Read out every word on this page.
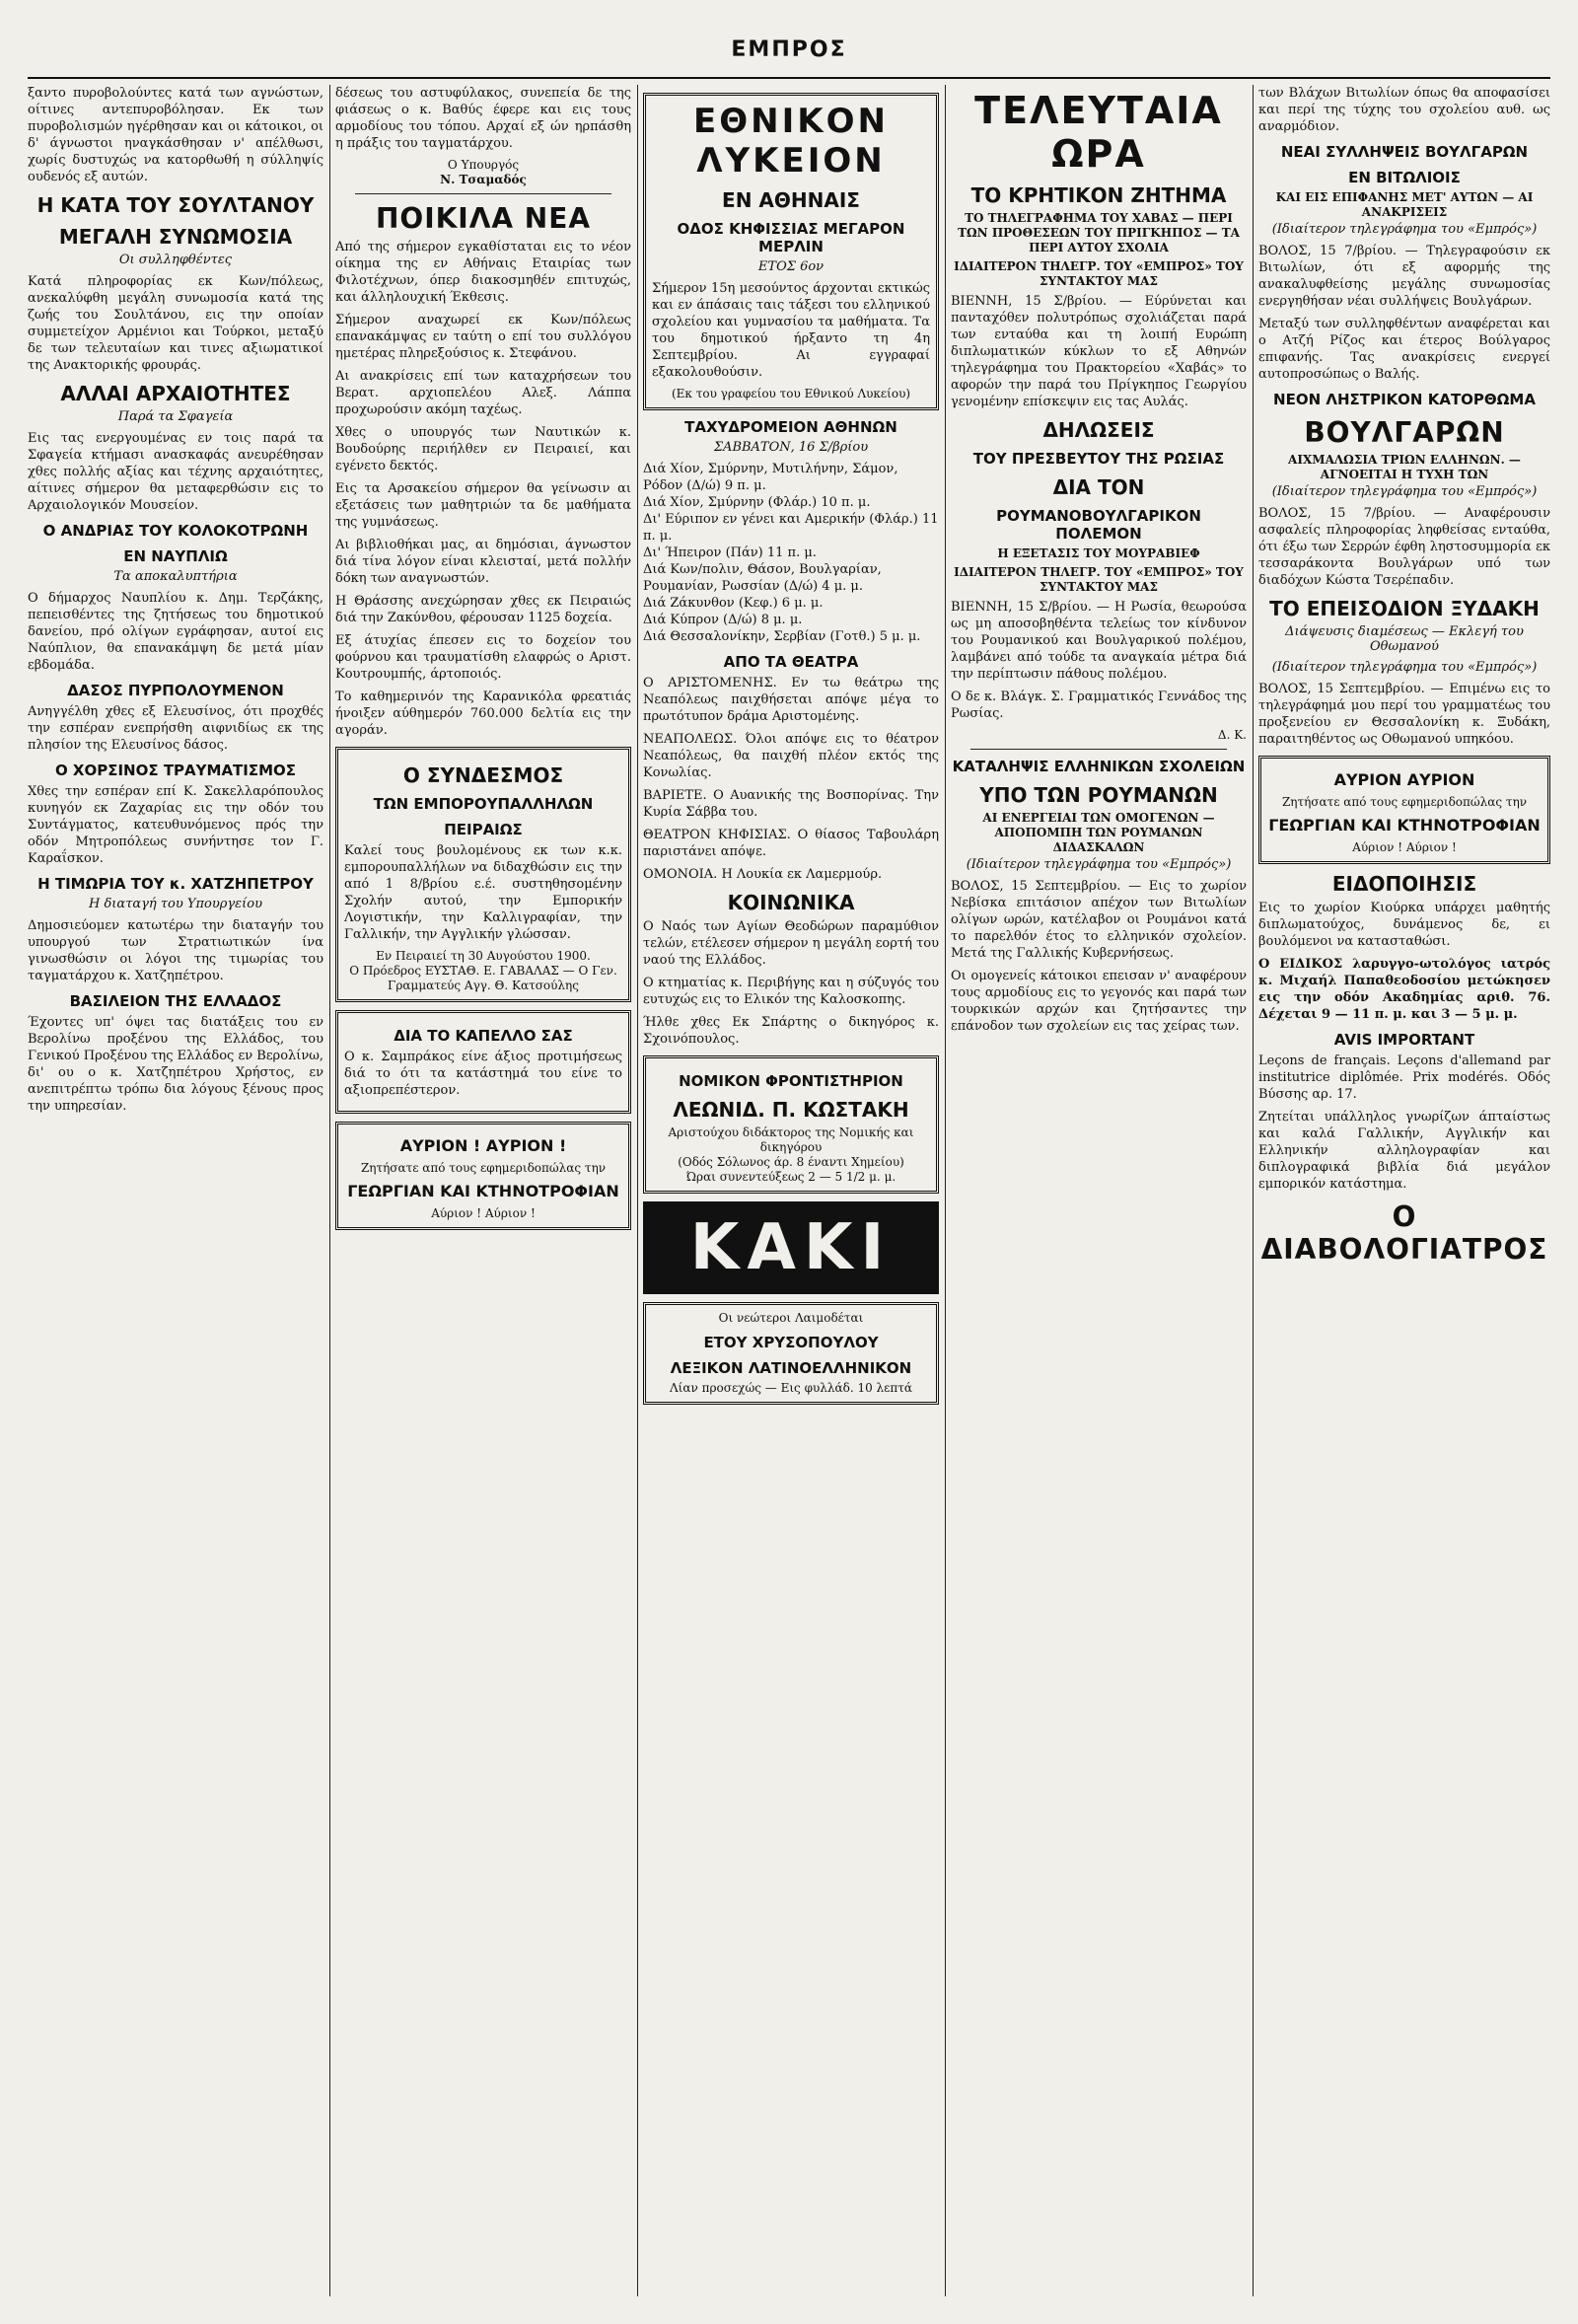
ΕΜΠΡΟΣ

ξαντο πυροβολούντες κατά των αγνώστων, οίτινες αντεπυροβόλησαν. Εκ των πυροβολισμών ηγέρθησαν και οι κάτοικοι, οι δ' άγνωστοι ηναγκάσθησαν ν' απέλθωσι, χωρίς δυστυχώς να κατορθωθή η σύλληψίς ουδενός εξ αυτών.

Η ΚΑΤΑ ΤΟΥ ΣΟΥΛΤΑΝΟΥ
ΜΕΓΑΛΗ ΣΥΝΩΜΟΣΙΑ
Οι συλληφθέντες

Κατά πληροφορίας εκ Κων/πόλεως, ανεκαλύφθη μεγάλη συνωμοσία κατά της ζωής του Σουλτάνου, εις την οποίαν συμμετείχον Αρμένιοι και Τούρκοι, μεταξύ δε των τελευταίων και τινες αξιωματικοί της Ανακτορικής φρουράς.

ΑΛΛΑΙ ΑΡΧΑΙΟΤΗΤΕΣ
Παρά τα Σφαγεία

Εις τας ενεργουμένας εν τοις παρά τα Σφαγεία κτήμασι ανασκαφάς ανευρέθησαν χθες πολλής αξίας και τέχνης αρχαιότητες, αίτινες σήμερον θα μεταφερθώσιν εις το Αρχαιολογικόν Μουσείον.

Ο ΑΝΔΡΙΑΣ ΤΟΥ ΚΟΛΟΚΟΤΡΩΝΗ
ΕΝ ΝΑΥΠΛΙΩ
Τα αποκαλυπτήρια

Ο δήμαρχος Ναυπλίου κ. Δημ. Τερζάκης, πεπεισθέντες της ζητήσεως του δημοτικού δανείου, πρό ολίγων εγράφησαν, αυτοί εις Ναύπλιον, θα επανακάμψη δε μετά μίαν εβδομάδα.

ΔΑΣΟΣ ΠΥΡΠΟΛΟΥΜΕΝΟΝ

Ανηγγέλθη χθες εξ Ελευσίνος, ότι προχθές την εσπέραν ενεπρήσθη αιφνιδίως εκ της πλησίον της Ελευσίνος δάσος.

Ο ΧΟΡΣΙΝΟΣ ΤΡΑΥΜΑΤΙΣΜΟΣ

Χθες την εσπέραν επί Κ. Σακελλαρόπουλος κυνηγόν εκ Ζαχαρίας εις την οδόν του Συντάγματος, κατευθυνόμενος πρός την οδόν Μητροπόλεως συνήντησε τον Γ. Καραΐσκον.

Η ΤΙΜΩΡΙΑ ΤΟΥ κ. ΧΑΤΖΗΠΕΤΡΟΥ
Η διαταγή του Υπουργείου

Δημοσιεύομεν κατωτέρω την διαταγήν του υπουργού των Στρατιωτικών ίνα γινωσθώσιν οι λόγοι της τιμωρίας του ταγματάρχου κ. Χατζηπέτρου.

ΒΑΣΙΛΕΙΟΝ ΤΗΣ ΕΛΛΑΔΟΣ

Έχοντες υπ' όψει τας διατάξεις του εν Βερολίνω προξένου της Ελλάδος, του Γενικού Προξένου της Ελλάδος εν Βερολίνω, δι' ου ο κ. Χατζηπέτρου Χρήστος, εν ανεπιτρέπτω τρόπω δια λόγους ξένους προς την υπηρεσίαν.

δέσεως του αστυφύλακος, συνεπεία δε της φιάσεως ο κ. Βαθύς έφερε και εις τους αρμοδίους του τόπου. Αρχαί εξ ών ηρπάσθη η πράξις του ταγματάρχου.

Ο Υπουργός
Ν. Τσαμαδός
ΠΟΙΚΙΛΑ ΝΕΑ

Από της σήμερον εγκαθίσταται εις το νέον οίκημα της εν Αθήναις Εταιρίας των Φιλοτέχνων, όπερ διακοσμηθέν επιτυχώς, και άλληλουχική Έκθεσις.

Σήμερον αναχωρεί εκ Κων/πόλεως επανακάμψας εν ταύτη ο επί του συλλόγου ημετέρας πληρεξούσιος κ. Στεφάνου.

Αι ανακρίσεις επί των καταχρήσεων του Βερατ. αρχιοπελέου Αλεξ. Λάππα προχωρούσιν ακόμη ταχέως.

Χθες ο υπουργός των Ναυτικών κ. Βουδούρης περιήλθεν εν Πειραιεί, και εγένετο δεκτός.

Εις τα Αρσακείου σήμερον θα γείνωσιν αι εξετάσεις των μαθητριών τα δε μαθήματα της γυμνάσεως.

Αι βιβλιοθήκαι μας, αι δημόσιαι, άγνωστον διά τίνα λόγον είναι κλεισταί, μετά πολλήν δόκη των αναγνωστών.

Η Θράσσης ανεχώρησαν χθες εκ Πειραιώς διά την Ζακύνθου, φέρουσαν 1125 δοχεία.

Εξ άτυχίας έπεσεν εις το δοχείον του φούρνου και τραυματίσθη ελαφρώς ο Αριστ. Κουτρουμπής, άρτοποιός.

Το καθημερινόν της Καρανικόλα φρεατιάς ήνοιξεν αύθημερόν 760.000 δελτία εις την αγοράν.

Ο ΣΥΝΔΕΣΜΟΣ
ΤΩΝ ΕΜΠΟΡΟΥΠΑΛΛΗΛΩΝ
ΠΕΙΡΑΙΩΣ

Καλεί τους βουλομένους εκ των κ.κ. εμπορουπαλλήλων να διδαχθώσιν εις την από 1 8/βρίου ε.έ. συστηθησομένην Σχολήν αυτού, την Εμπορικήν Λογιστικήν, την Καλλιγραφίαν, την Γαλλικήν, την Αγγλικήν γλώσσαν.

Εν Πειραιεί τη 30 Αυγούστου 1900.
Ο Πρόεδρος ΕΥΣΤΑΘ. Ε. ΓΑΒΑΛΑΣ — Ο Γεν. Γραμματεύς Αγγ. Θ. Κατσούλης
ΔΙΑ ΤΟ ΚΑΠΕΛΛΟ ΣΑΣ

Ο κ. Σαμπράκος είνε άξιος προτιμήσεως διά το ότι τα κατάστημά του είνε το αξιοπρεπέστερον.

ΑΥΡΙΟΝ ! ΑΥΡΙΟΝ !
Ζητήσατε από τους εφημεριδοπώλας την
ΓΕΩΡΓΙΑΝ ΚΑΙ ΚΤΗΝΟΤΡΟΦΙΑΝ
Αύριον ! Αύριον !
ΕΘΝΙΚΟΝ ΛΥΚΕΙΟΝ
ΕΝ ΑΘΗΝΑΙΣ
ΟΔΟΣ ΚΗΦΙΣΣΙΑΣ ΜΕΓΑΡΟΝ ΜΕΡΛΙΝ
ΕΤΟΣ 6ον

Σήμερον 15η μεσούντος άρχονται εκτικώς και εν άπάσαις ταις τάξεσι του ελληνικού σχολείου και γυμνασίου τα μαθήματα. Τα του δημοτικού ήρξαντο τη 4η Σεπτεμβρίου. Αι εγγραφαί εξακολουθούσιν.

(Εκ του γραφείου του Εθνικού Λυκείου)
ΤΑΧΥΔΡΟΜΕΙΟΝ ΑΘΗΝΩΝ
ΣΑΒΒΑΤΟΝ, 16 Σ/βρίου
Διά Χίον, Σμύρνην, Μυτιλήνην, Σάμον, Ρόδον (Δ/ώ) 9 π. μ.
Διά Χίον, Σμύρνην (Φλάρ.) 10 π. μ.
Δι' Εύριπον εν γένει και Αμερικήν (Φλάρ.) 11 π. μ.
Δι' Ήπειρον (Πάν) 11 π. μ.
Διά Κων/πολιν, Θάσον, Βουλγαρίαν, Ρουμανίαν, Ρωσσίαν (Δ/ώ) 4 μ. μ.
Διά Ζάκυνθον (Κεφ.) 6 μ. μ.
Διά Κύπρον (Δ/ώ) 8 μ. μ.
Διά Θεσσαλονίκην, Σερβίαν (Γοτθ.) 5 μ. μ.
ΑΠΟ ΤΑ ΘΕΑΤΡΑ

Ο ΑΡΙΣΤΟΜΕΝΗΣ. Εν τω θεάτρω της Νεαπόλεως παιχθήσεται απόψε μέγα το πρωτότυπον δράμα Αριστομένης.

ΝΕΑΠΟΛΕΩΣ. Όλοι απόψε εις το θέατρον Νεαπόλεως, θα παιχθή πλέον εκτός της Κονωλίας.

ΒΑΡΙΕΤΕ. Ο Αυανικής της Βοσπορίνας. Την Κυρία Σάββα του.

ΘΕΑΤΡΟΝ ΚΗΦΙΣΙΑΣ. Ο θίασος Ταβουλάρη παριστάνει απόψε.

ΟΜΟΝΟΙΑ. Η Λουκία εκ Λαμερμούρ.

ΚΟΙΝΩΝΙΚΑ

Ο Ναός των Αγίων Θεοδώρων παραμύθιον τελών, ετέλεσεν σήμερον η μεγάλη εορτή του ναού της Ελλάδος.

Ο κτηματίας κ. Περιβήγης και η σύζυγός του ευτυχώς εις το Ελικόν της Καλοσκοπης.

Ήλθε χθες Εκ Σπάρτης ο δικηγόρος κ. Σχοινόπουλος.

ΝΟΜΙΚΟΝ ΦΡΟΝΤΙΣΤΗΡΙΟΝ
ΛΕΩΝΙΔ. Π. ΚΩΣΤΑΚΗ
Αριστούχου διδάκτορος της Νομικής και δικηγόρου
(Οδός Σόλωνος άρ. 8 έναντι Χημείου)
Ώραι συνεντεύξεως 2 — 5 1/2 μ. μ.
ΚΑΚΙ
Οι νεώτεροι Λαιμοδέται
ΕΤΟΥ ΧΡΥΣΟΠΟΥΛΟΥ
ΛΕΞΙΚΟΝ ΛΑΤΙΝΟΕΛΛΗΝΙΚΟΝ
Λίαν προσεχώς — Εις φυλλάδ. 10 λεπτά
ΤΕΛΕΥΤΑΙΑ ΩΡΑ
ΤΟ ΚΡΗΤΙΚΟΝ ΖΗΤΗΜΑ
ΤΟ ΤΗΛΕΓΡΑΦΗΜΑ ΤΟΥ ΧΑΒΑΣ — ΠΕΡΙ ΤΩΝ ΠΡΟΘΕΣΕΩΝ ΤΟΥ ΠΡΙΓΚΗΠΟΣ — ΤΑ ΠΕΡΙ ΑΥΤΟΥ ΣΧΟΛΙΑ
ΙΔΙΑΙΤΕΡΟΝ ΤΗΛΕΓΡ. ΤΟΥ «ΕΜΠΡΟΣ» ΤΟΥ ΣΥΝΤΑΚΤΟΥ ΜΑΣ

ΒΙΕΝΝΗ, 15 Σ/βρίου. — Εύρύνεται και πανταχόθεν πολυτρόπως σχολιάζεται παρά των ενταύθα και τη λοιπή Ευρώπη διπλωματικών κύκλων το εξ Αθηνών τηλεγράφημα του Πρακτορείου «Χαβάς» το αφορών την παρά του Πρίγκηπος Γεωργίου γενομένην επίσκεψιν εις τας Αυλάς.

ΔΗΛΩΣΕΙΣ
ΤΟΥ ΠΡΕΣΒΕΥΤΟΥ ΤΗΣ ΡΩΣΙΑΣ
ΔΙΑ ΤΟΝ
ΡΟΥΜΑΝΟΒΟΥΛΓΑΡΙΚΟΝ ΠΟΛΕΜΟΝ
Η ΕΞΕΤΑΣΙΣ ΤΟΥ ΜΟΥΡΑΒΙΕΦ
ΙΔΙΑΙΤΕΡΟΝ ΤΗΛΕΓΡ. ΤΟΥ «ΕΜΠΡΟΣ» ΤΟΥ ΣΥΝΤΑΚΤΟΥ ΜΑΣ

ΒΙΕΝΝΗ, 15 Σ/βρίου. — Η Ρωσία, θεωρούσα ως μη αποσοβηθέντα τελείως τον κίνδυνον του Ρουμανικού και Βουλγαρικού πολέμου, λαμβάνει από τούδε τα αναγκαία μέτρα διά την περίπτωσιν πάθους πολέμου.

Ο δε κ. Βλάγκ. Σ. Γραμματικός Γεννάδος της Ρωσίας.

Δ. Κ.
ΚΑΤΑΛΗΨΙΣ ΕΛΛΗΝΙΚΩΝ ΣΧΟΛΕΙΩΝ
ΥΠΟ ΤΩΝ ΡΟΥΜΑΝΩΝ
ΑΙ ΕΝΕΡΓΕΙΑΙ ΤΩΝ ΟΜΟΓΕΝΩΝ — ΑΠΟΠΟΜΠΗ ΤΩΝ ΡΟΥΜΑΝΩΝ ΔΙΔΑΣΚΑΛΩΝ
(Ιδιαίτερον τηλεγράφημα του «Εμπρός»)

ΒΟΛΟΣ, 15 Σεπτεμβρίου. — Εις το χωρίον Νεβίσκα επιτάσιον απέχον των Βιτωλίων ολίγων ωρών, κατέλαβον οι Ρουμάνοι κατά το παρελθόν έτος το ελληνικόν σχολείον. Μετά της Γαλλικής Κυβερνήσεως.

Οι ομογενείς κάτοικοι επεισαν ν' αναφέρουν τους αρμοδίους εις το γεγονός και παρά των τουρκικών αρχών και ζητήσαντες την επάνοδον των σχολείων εις τας χείρας των.

των Βλάχων Βιτωλίων όπως θα αποφασίσει και περί της τύχης του σχολείου αυθ. ως αναρμόδιον.

ΝΕΑΙ ΣΥΛΛΗΨΕΙΣ ΒΟΥΛΓΑΡΩΝ
ΕΝ ΒΙΤΩΛΙΟΙΣ
ΚΑΙ ΕΙΣ ΕΠΙΦΑΝΗΣ ΜΕΤ' ΑΥΤΩΝ — ΑΙ ΑΝΑΚΡΙΣΕΙΣ
(Ιδιαίτερον τηλεγράφημα του «Εμπρός»)

ΒΟΛΟΣ, 15 7/βρίου. — Τηλεγραφούσιν εκ Βιτωλίων, ότι εξ αφορμής της ανακαλυφθείσης μεγάλης συνωμοσίας ενεργηθήσαν νέαι συλλήψεις Βουλγάρων.

Μεταξύ των συλληφθέντων αναφέρεται και ο Ατζή Ρίζος και έτερος Βούλγαρος επιφανής. Τας ανακρίσεις ενεργεί αυτοπροσώπως ο Βαλής.

ΝΕΟΝ ΛΗΣΤΡΙΚΟΝ ΚΑΤΟΡΘΩΜΑ
ΒΟΥΛΓΑΡΩΝ
ΑΙΧΜΑΛΩΣΙΑ ΤΡΙΩΝ ΕΛΛΗΝΩΝ. — ΑΓΝΟΕΙΤΑΙ Η ΤΥΧΗ ΤΩΝ
(Ιδιαίτερον τηλεγράφημα του «Εμπρός»)

ΒΟΛΟΣ, 15 7/βρίου. — Αναφέρουσιν ασφαλείς πληροφορίας ληφθείσας ενταύθα, ότι έξω των Σερρών έφθη ληστοσυμμορία εκ τεσσαράκοντα Βουλγάρων υπό των διαδόχων Κώστα Τσερέπαδιν.

ΤΟ ΕΠΕΙΣΟΔΙΟΝ ΞΥΔΑΚΗ
Διάψευσις διαμέσεως — Εκλεγή του Οθωμανού
(Ιδιαίτερον τηλεγράφημα του «Εμπρός»)

ΒΟΛΟΣ, 15 Σεπτεμβρίου. — Επιμένω εις το τηλεγράφημά μου περί του γραμματέως του προξενείου εν Θεσσαλονίκη κ. Ξυδάκη, παραιτηθέντος ως Οθωμανού υπηκόου.

ΑΥΡΙΟΝ ΑΥΡΙΟΝ
Ζητήσατε από τους εφημεριδοπώλας την
ΓΕΩΡΓΙΑΝ ΚΑΙ ΚΤΗΝΟΤΡΟΦΙΑΝ
Αύριον ! Αύριον !
ΕΙΔΟΠΟΙΗΣΙΣ

Εις το χωρίον Κιούρκα υπάρχει μαθητής διπλωματούχος, δυνάμενος δε, ει βουλόμενοι να κατασταθώσι.

Ο ΕΙΔΙΚΟΣ λαρυγγο-ωτολόγος ιατρός κ. Μιχαήλ Παπαθεοδοσίου μετώκησεν εις την οδόν Ακαδημίας αριθ. 76. Δέχεται 9 — 11 π. μ. και 3 — 5 μ. μ.

AVIS IMPORTANT

Leçons de français. Leçons d'allemand par institutrice diplômée. Prix modérés. Οδός Βύσσης αρ. 17.

Ζητείται υπάλληλος γνωρίζων άπταίστως και καλά Γαλλικήν, Αγγλικήν και Ελληνικήν αλληλογραφίαν και διπλογραφικά βιβλία διά μεγάλον εμπορικόν κατάστημα.

Ο ΔΙΑΒΟΛΟΓΙΑΤΡΟΣ
